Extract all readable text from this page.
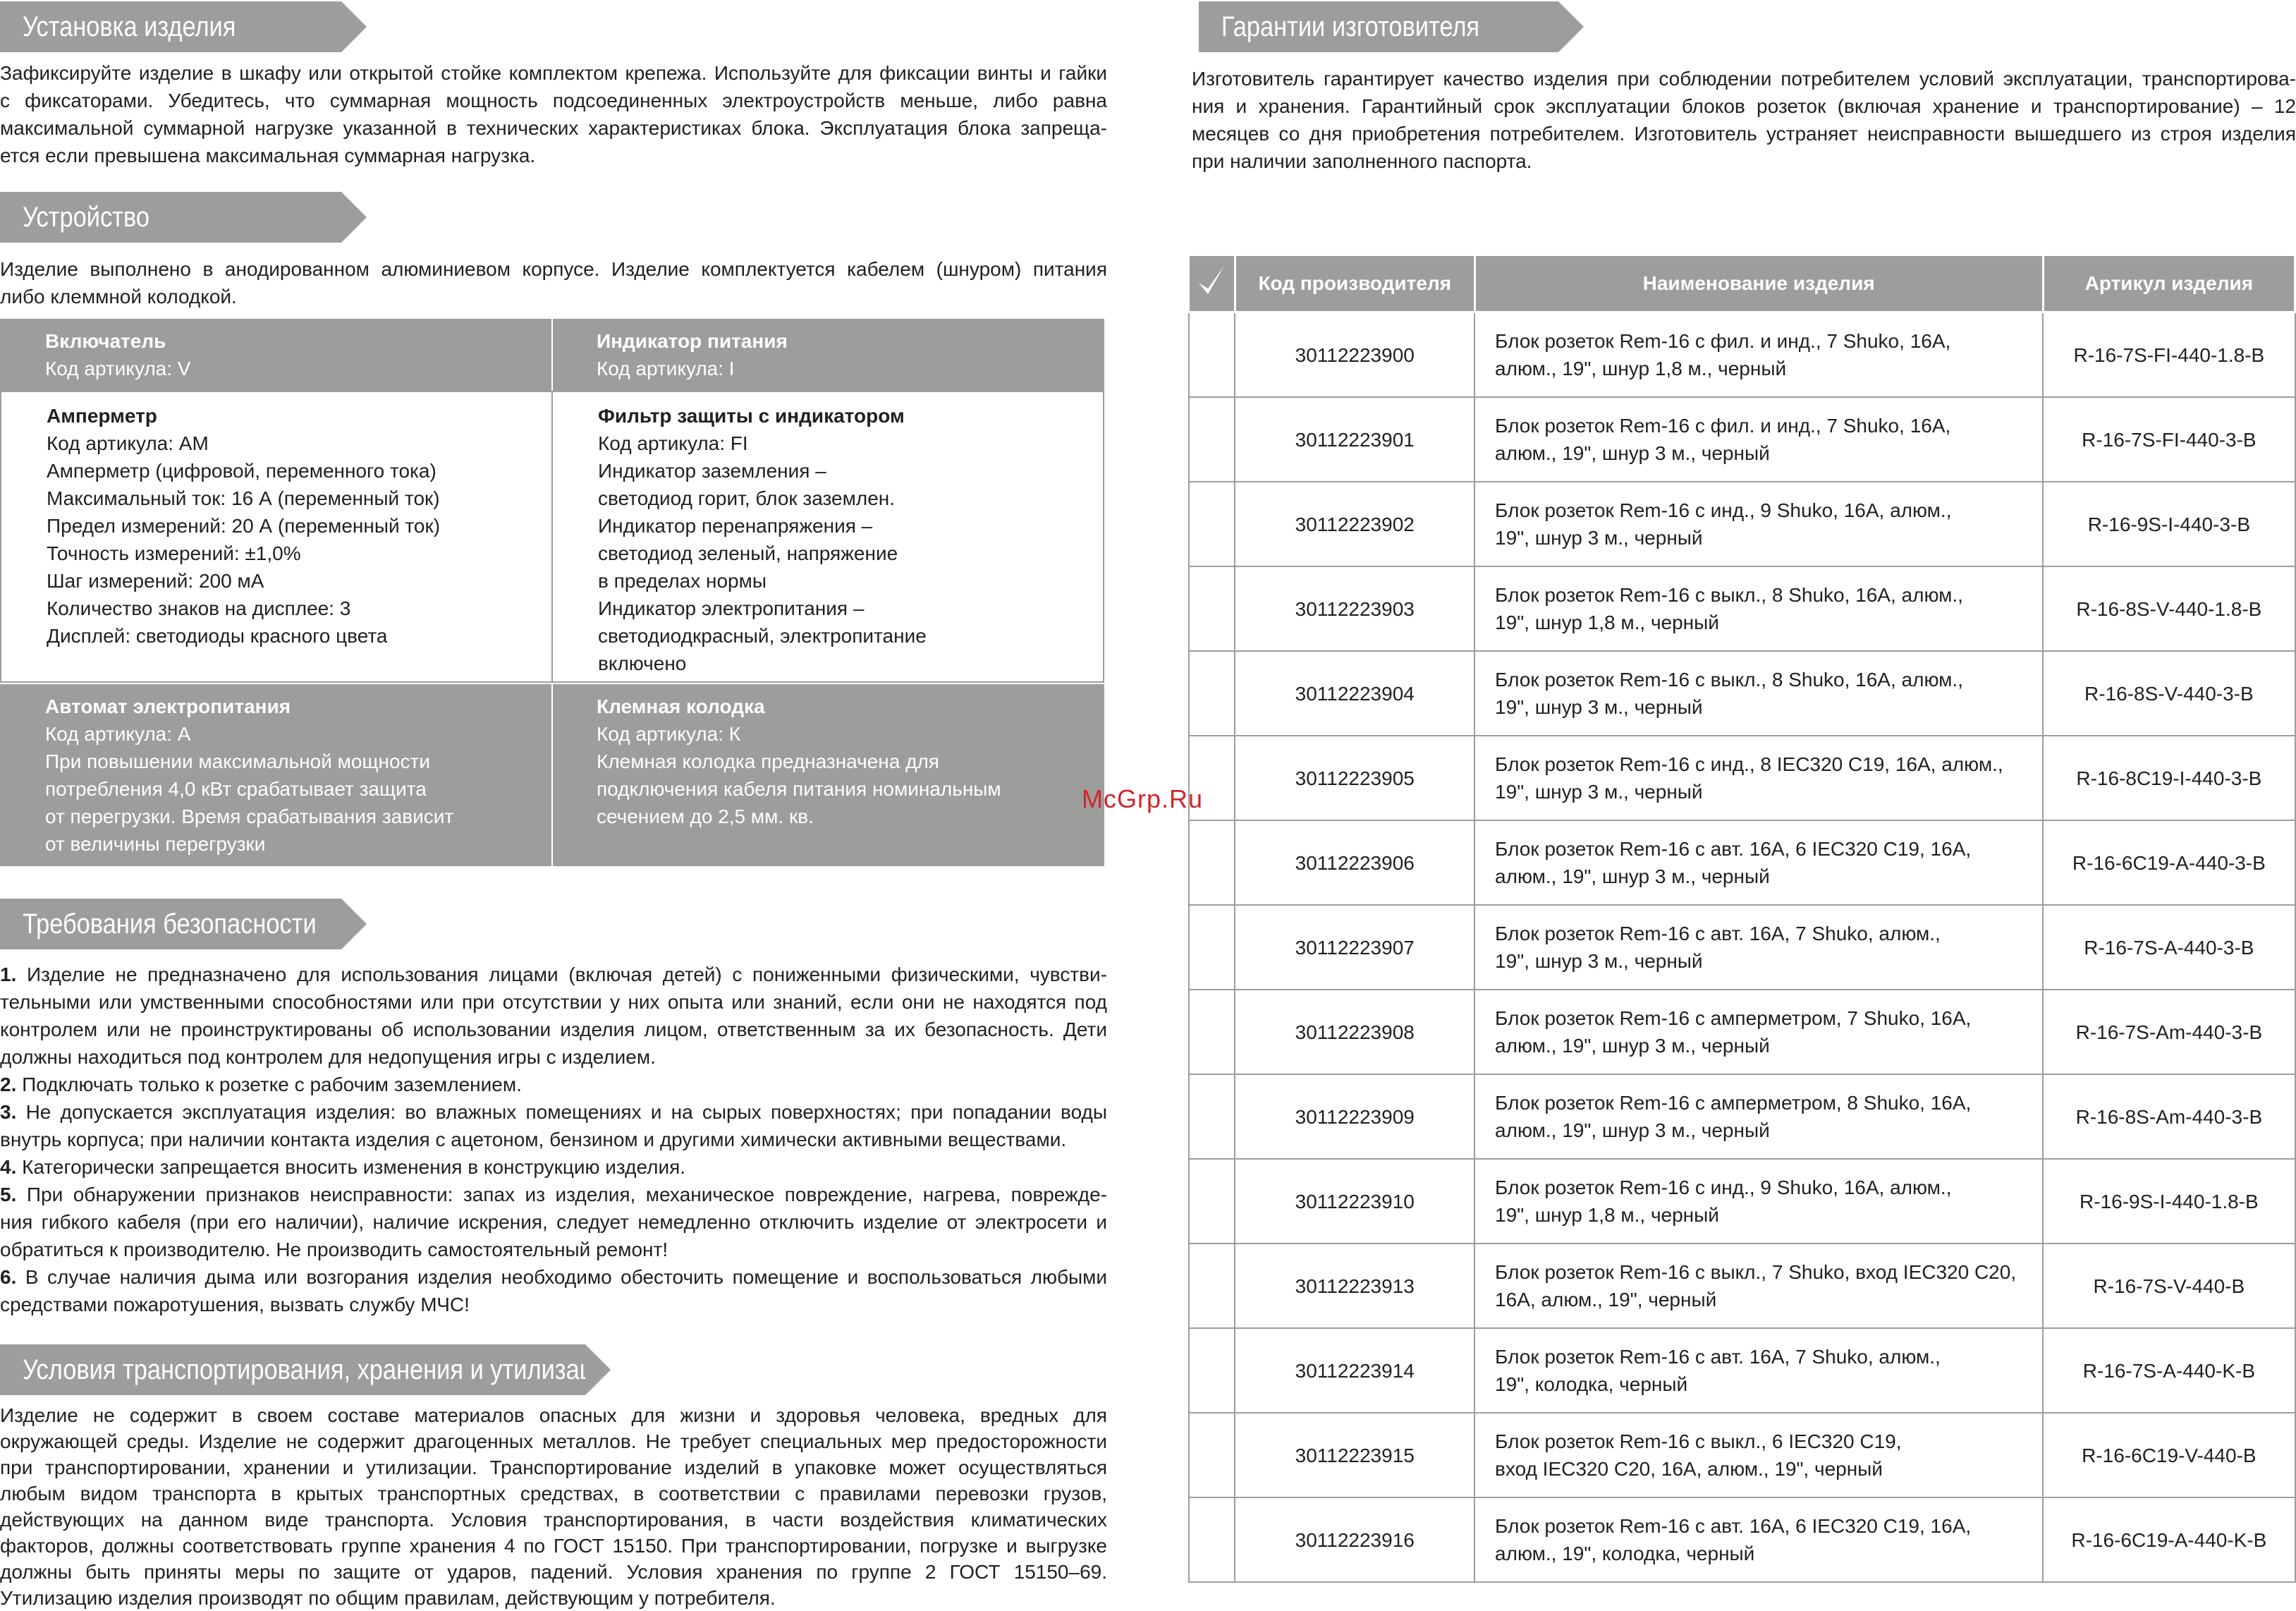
Установка изделия

Зафиксируйте изделие в шкафу или открытой стойке комплектом крепежа. Используйте для фиксации винты и гайки

с фиксаторами. Убедитесь, что суммарная мощность подсоединенных электроустройств меньше, либо равна

максимальной суммарной нагрузке указанной в технических характеристиках блока. Эксплуатация блока запреща-

ется если превышена максимальная суммарная нагрузка.

Устройство

Изделие выполнено в анодированном алюминиевом корпусе. Изделие комплектуется кабелем (шнуром) питания

либо клеммной колодкой.

Включатель
Код артикула: V
Индикатор питания
Код артикула: I
Амперметр
Код артикула: AM
Амперметр (цифровой, переменного тока)
Максимальный ток: 16 А (переменный ток)
Предел измерений: 20 А (переменный ток)
Точность измерений: ±1,0%
Шаг измерений: 200 мА
Количество знаков на дисплее: 3
Дисплей: светодиоды красного цвета
Фильтр защиты с индикатором
Код артикула: FI
Индикатор заземления –
светодиод горит, блок заземлен.
Индикатор перенапряжения –
светодиод зеленый, напряжение
в пределах нормы
Индикатор электропитания –
светодиодкрасный, электропитание
включено
Автомат электропитания
Код артикула: А
При повышении максимальной мощности
потребления 4,0 кВт срабатывает защита
от перегрузки. Время срабатывания зависит
от величины перегрузки
Клемная колодка
Код артикула: К
Клемная колодка предназначена для
подключения кабеля питания номинальным
сечением до 2,5 мм. кв.
Требования безопасности

1. Изделие не предназначено для использования лицами (включая детей) с пониженными физическими, чувстви-

тельными или умственными способностями или при отсутствии у них опыта или знаний, если они не находятся под

контролем или не проинструктированы об использовании изделия лицом, ответственным за их безопасность. Дети

должны находиться под контролем для недопущения игры с изделием.

2. Подключать только к розетке с рабочим заземлением.

3. Не допускается эксплуатация изделия: во влажных помещениях и на сырых поверхностях; при попадании воды

внутрь корпуса; при наличии контакта изделия с ацетоном, бензином и другими химически активными веществами.

4. Категорически запрещается вносить изменения в конструкцию изделия.

5. При обнаружении признаков неисправности: запах из изделия, механическое повреждение, нагрева, поврежде-

ния гибкого кабеля (при его наличии), наличие искрения, следует немедленно отключить изделие от электросети и

обратиться к производителю. Не производить самостоятельный ремонт!

6. В случае наличия дыма или возгорания изделия необходимо обесточить помещение и воспользоваться любыми

средствами пожаротушения, вызвать службу МЧС!

Условия транспортирования, хранения и утилизации

Изделие не содержит в своем составе материалов опасных для жизни и здоровья человека, вредных для

окружающей среды. Изделие не содержит драгоценных металлов. Не требует специальных мер предосторожности

при транспортировании, хранении и утилизации. Транспортирование изделий в упаковке может осуществляться

любым видом транспорта в крытых транспортных средствах, в соответствии с правилами перевозки грузов,

действующих на данном виде транспорта. Условия транспортирования, в части воздействия климатических

факторов, должны соответствовать группе хранения 4 по ГОСТ 15150. При транспортировании, погрузке и выгрузке

должны быть приняты меры по защите от ударов, падений. Условия хранения по группе 2 ГОСТ 15150–69.

Утилизацию изделия производят по общим правилам, действующим у потребителя.

Гарантии изготовителя

Изготовитель гарантирует качество изделия при соблюдении потребителем условий эксплуатации, транспортирова-

ния и хранения. Гарантийный срок эксплуатации блоков розеток (включая хранение и транспортирование) – 12

месяцев со дня приобретения потребителем. Изготовитель устраняет неисправности вышедшего из строя изделия

при наличии заполненного паспорта.

	Код производителя	Наименование изделия	Артикул изделия
	30112223900	Блок розеток Rem-16 с фил. и инд., 7 Shuko, 16A,
алюм., 19", шнур 1,8 м., черный	R-16-7S-FI-440-1.8-B
	30112223901	Блок розеток Rem-16 с фил. и инд., 7 Shuko, 16A,
алюм., 19", шнур 3 м., черный	R-16-7S-FI-440-3-B
	30112223902	Блок розеток Rem-16 с инд., 9 Shuko, 16A, алюм.,
19", шнур 3 м., черный	R-16-9S-I-440-3-B
	30112223903	Блок розеток Rem-16 с выкл., 8 Shuko, 16A, алюм.,
19", шнур 1,8 м., черный	R-16-8S-V-440-1.8-B
	30112223904	Блок розеток Rem-16 с выкл., 8 Shuko, 16A, алюм.,
19", шнур 3 м., черный	R-16-8S-V-440-3-B
	30112223905	Блок розеток Rem-16 с инд., 8 IEC320 C19, 16A, алюм.,
19", шнур 3 м., черный	R-16-8C19-I-440-3-B
	30112223906	Блок розеток Rem-16 с авт. 16А, 6 IEC320 C19, 16A,
алюм., 19", шнур 3 м., черный	R-16-6C19-A-440-3-B
	30112223907	Блок розеток Rem-16 с авт. 16А, 7 Shuko, алюм.,
19", шнур 3 м., черный	R-16-7S-A-440-3-B
	30112223908	Блок розеток Rem-16 с амперметром, 7 Shuko, 16A,
алюм., 19", шнур 3 м., черный	R-16-7S-Am-440-3-B
	30112223909	Блок розеток Rem-16 с амперметром, 8 Shuko, 16A,
алюм., 19", шнур 3 м., черный	R-16-8S-Am-440-3-B
	30112223910	Блок розеток Rem-16 с инд., 9 Shuko, 16A, алюм.,
19", шнур 1,8 м., черный	R-16-9S-I-440-1.8-B
	30112223913	Блок розеток Rem-16 с выкл., 7 Shuko, вход IEC320 C20,
16А, алюм., 19", черный	R-16-7S-V-440-B
	30112223914	Блок розеток Rem-16 с авт. 16А, 7 Shuko, алюм.,
19", колодка, черный	R-16-7S-A-440-K-B
	30112223915	Блок розеток Rem-16 с выкл., 6 IEC320 C19,
вход IEC320 C20, 16A, алюм., 19", черный	R-16-6C19-V-440-B
	30112223916	Блок розеток Rem-16 с авт. 16А, 6 IEC320 C19, 16A,
алюм., 19", колодка, черный	R-16-6C19-A-440-K-B
McGrp.Ru
